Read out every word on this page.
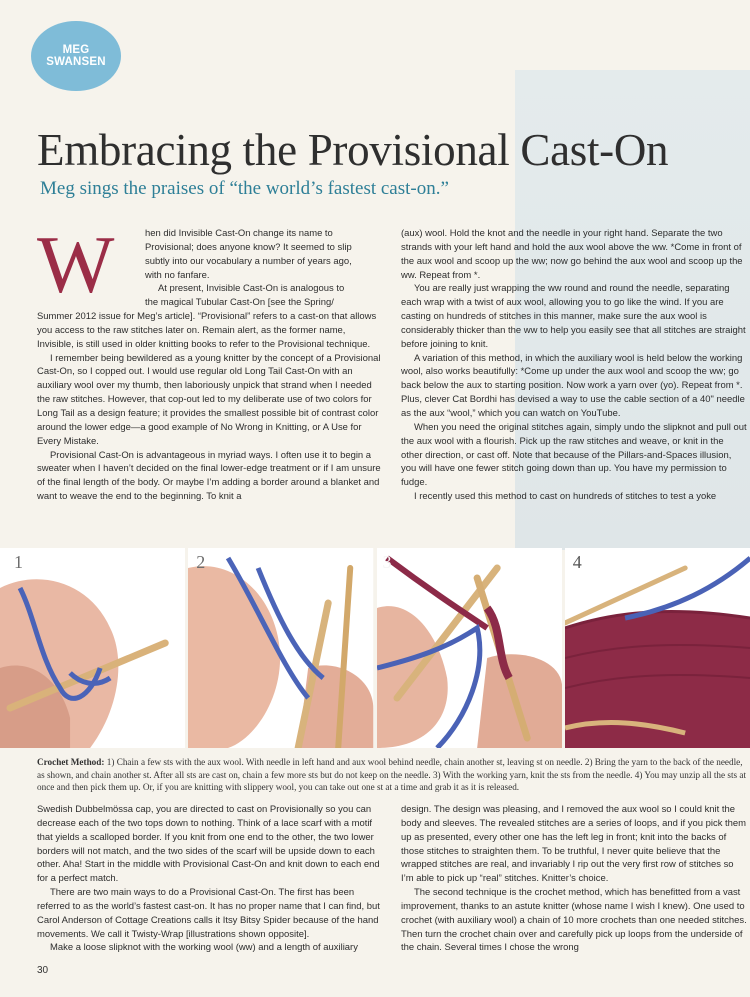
MEG
SWANSEN
Embracing the Provisional Cast-On
Meg sings the praises of “the world’s fastest cast-on.”
W	hen did Invisible Cast-On change its name to

Provisional; does anyone know? It seemed to slip

subtly into our vocabulary a number of years ago,

with no fanfare.

At present, Invisible Cast-On is analogous to

the magical Tubular Cast-On [see the Spring/

Summer 2012 issue for Meg’s article]. “Provisional” refers to a cast-on that allows you access to the raw stitches later on. Remain alert, as the former name, Invisible, is still used in older knitting books to refer to the Provisional technique.

I remember being bewildered as a young knitter by the concept of a Provisional Cast-On, so I copped out. I would use regular old Long Tail Cast-On with an auxiliary wool over my thumb, then laboriously unpick that strand when I needed the raw stitches. However, that cop-out led to my deliberate use of two colors for Long Tail as a design feature; it provides the smallest possible bit of contrast color around the lower edge—a good example of No Wrong in Knitting, or A Use for Every Mistake.

Provisional Cast-On is advantageous in myriad ways. I often use it to begin a sweater when I haven’t decided on the final lower-edge treatment or if I am unsure of the final length of the body. Or maybe I’m adding a border around a blanket and want to weave the end to the beginning. To knit a

(aux) wool. Hold the knot and the needle in your right hand. Separate the two strands with your left hand and hold the aux wool above the ww. *Come in front of the aux wool and scoop up the ww; now go behind the aux wool and scoop up the ww. Repeat from *.

You are really just wrapping the ww round and round the needle, separating each wrap with a twist of aux wool, allowing you to go like the wind. If you are casting on hundreds of stitches in this manner, make sure the aux wool is considerably thicker than the ww to help you easily see that all stitches are straight before joining to knit.

A variation of this method, in which the auxiliary wool is held below the working wool, also works beautifully: *Come up under the aux wool and scoop the ww; go back below the aux to starting position. Now work a yarn over (yo). Repeat from *. Plus, clever Cat Bordhi has devised a way to use the cable section of a 40" needle as the aux “wool,” which you can watch on YouTube.

When you need the original stitches again, simply undo the slipknot and pull out the aux wool with a flourish. Pick up the raw stitches and weave, or knit in the other direction, or cast off. Note that because of the Pillars-and-Spaces illusion, you will have one fewer stitch going down than up. You have my permission to fudge.

I recently used this method to cast on hundreds of stitches to test a yoke

1	2	3	4

Crochet Method: 1) Chain a few sts with the aux wool. With needle in left hand and aux wool behind needle, chain another st, leaving st on needle. 2) Bring the yarn to the back of the needle, as shown, and chain another st. After all sts are cast on, chain a few more sts but do not keep on the needle. 3) With the working yarn, knit the sts from the needle. 4) You may unzip all the sts at once and then pick them up. Or, if you are knitting with slippery wool, you can take out one st at a time and grab it as it is released.

Swedish Dubbelmössa cap, you are directed to cast on Provisionally so you can decrease each of the two tops down to nothing. Think of a lace scarf with a motif that yields a scalloped border. If you knit from one end to the other, the two lower borders will not match, and the two sides of the scarf will be upside down to each other. Aha! Start in the middle with Provisional Cast-On and knit down to each end for a perfect match.

There are two main ways to do a Provisional Cast-On. The first has been referred to as the world’s fastest cast-on. It has no proper name that I can find, but Carol Anderson of Cottage Creations calls it Itsy Bitsy Spider because of the hand movements. We call it Twisty-Wrap [illustrations shown opposite].

Make a loose slipknot with the working wool (ww) and a length of auxiliary

design. The design was pleasing, and I removed the aux wool so I could knit the body and sleeves. The revealed stitches are a series of loops, and if you pick them up as presented, every other one has the left leg in front; knit into the backs of those stitches to straighten them. To be truthful, I never quite believe that the wrapped stitches are real, and invariably I rip out the very first row of stitches so I’m able to pick up “real” stitches. Knitter’s choice.

The second technique is the crochet method, which has benefitted from a vast improvement, thanks to an astute knitter (whose name I wish I knew). One used to crochet (with auxiliary wool) a chain of 10 more crochets than one needed stitches. Then turn the crochet chain over and carefully pick up loops from the underside of the chain. Several times I chose the wrong

30
